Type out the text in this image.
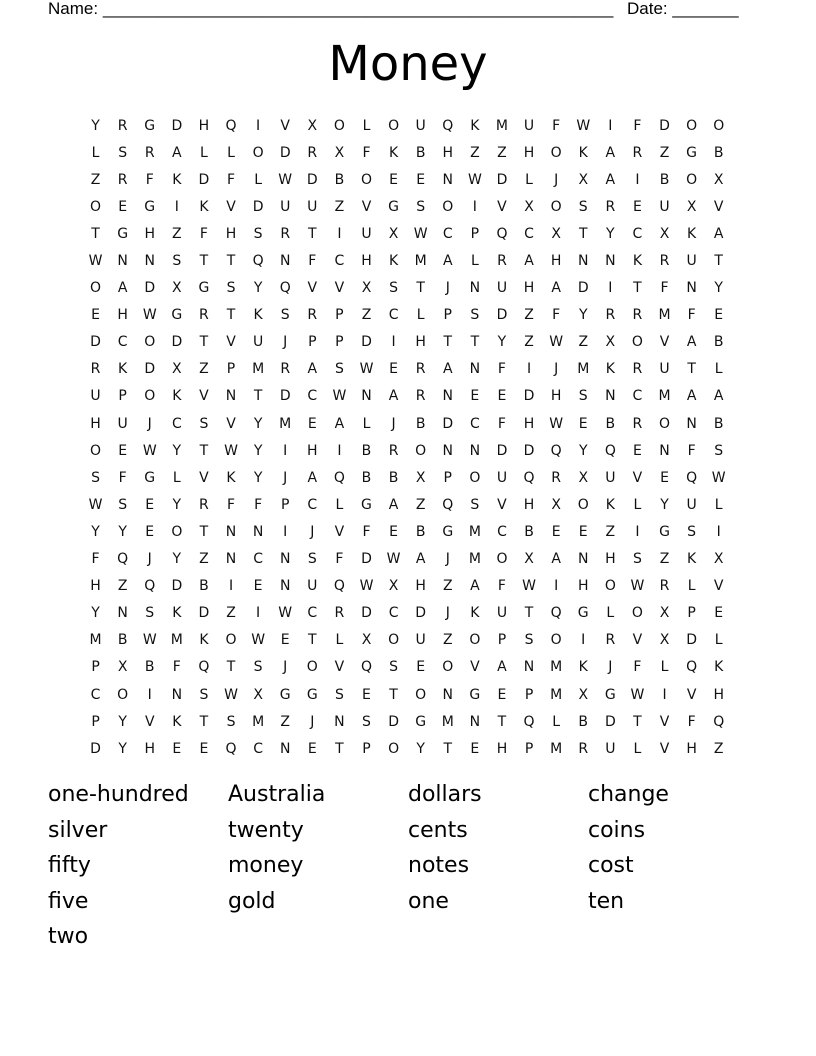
Name: ______________________________________________________ Date: _______
Money
Y	R	G	D	H	Q	I	V	X	O	L	O	U	Q	K	M	U	F	W	I	F	D	O	O
L	S	R	A	L	L	O	D	R	X	F	K	B	H	Z	Z	H	O	K	A	R	Z	G	B
Z	R	F	K	D	F	L	W	D	B	O	E	E	N	W	D	L	J	X	A	I	B	O	X
O	E	G	I	K	V	D	U	U	Z	V	G	S	O	I	V	X	O	S	R	E	U	X	V
T	G	H	Z	F	H	S	R	T	I	U	X	W	C	P	Q	C	X	T	Y	C	X	K	A
W	N	N	S	T	T	Q	N	F	C	H	K	M	A	L	R	A	H	N	N	K	R	U	T
O	A	D	X	G	S	Y	Q	V	V	X	S	T	J	N	U	H	A	D	I	T	F	N	Y
E	H	W	G	R	T	K	S	R	P	Z	C	L	P	S	D	Z	F	Y	R	R	M	F	E
D	C	O	D	T	V	U	J	P	P	D	I	H	T	T	Y	Z	W	Z	X	O	V	A	B
R	K	D	X	Z	P	M	R	A	S	W	E	R	A	N	F	I	J	M	K	R	U	T	L
U	P	O	K	V	N	T	D	C	W	N	A	R	N	E	E	D	H	S	N	C	M	A	A
H	U	J	C	S	V	Y	M	E	A	L	J	B	D	C	F	H	W	E	B	R	O	N	B
O	E	W	Y	T	W	Y	I	H	I	B	R	O	N	N	D	D	Q	Y	Q	E	N	F	S
S	F	G	L	V	K	Y	J	A	Q	B	B	X	P	O	U	Q	R	X	U	V	E	Q	W
W	S	E	Y	R	F	F	P	C	L	G	A	Z	Q	S	V	H	X	O	K	L	Y	U	L
Y	Y	E	O	T	N	N	I	J	V	F	E	B	G	M	C	B	E	E	Z	I	G	S	I
F	Q	J	Y	Z	N	C	N	S	F	D	W	A	J	M	O	X	A	N	H	S	Z	K	X
H	Z	Q	D	B	I	E	N	U	Q	W	X	H	Z	A	F	W	I	H	O	W	R	L	V
Y	N	S	K	D	Z	I	W	C	R	D	C	D	J	K	U	T	Q	G	L	O	X	P	E
M	B	W	M	K	O	W	E	T	L	X	O	U	Z	O	P	S	O	I	R	V	X	D	L
P	X	B	F	Q	T	S	J	O	V	Q	S	E	O	V	A	N	M	K	J	F	L	Q	K
C	O	I	N	S	W	X	G	G	S	E	T	O	N	G	E	P	M	X	G	W	I	V	H
P	Y	V	K	T	S	M	Z	J	N	S	D	G	M	N	T	Q	L	B	D	T	V	F	Q
D	Y	H	E	E	Q	C	N	E	T	P	O	Y	T	E	H	P	M	R	U	L	V	H	Z
one-hundred	Australia	dollars	change
silver	twenty	cents	coins
fifty	money	notes	cost
five	gold	one	ten
two
